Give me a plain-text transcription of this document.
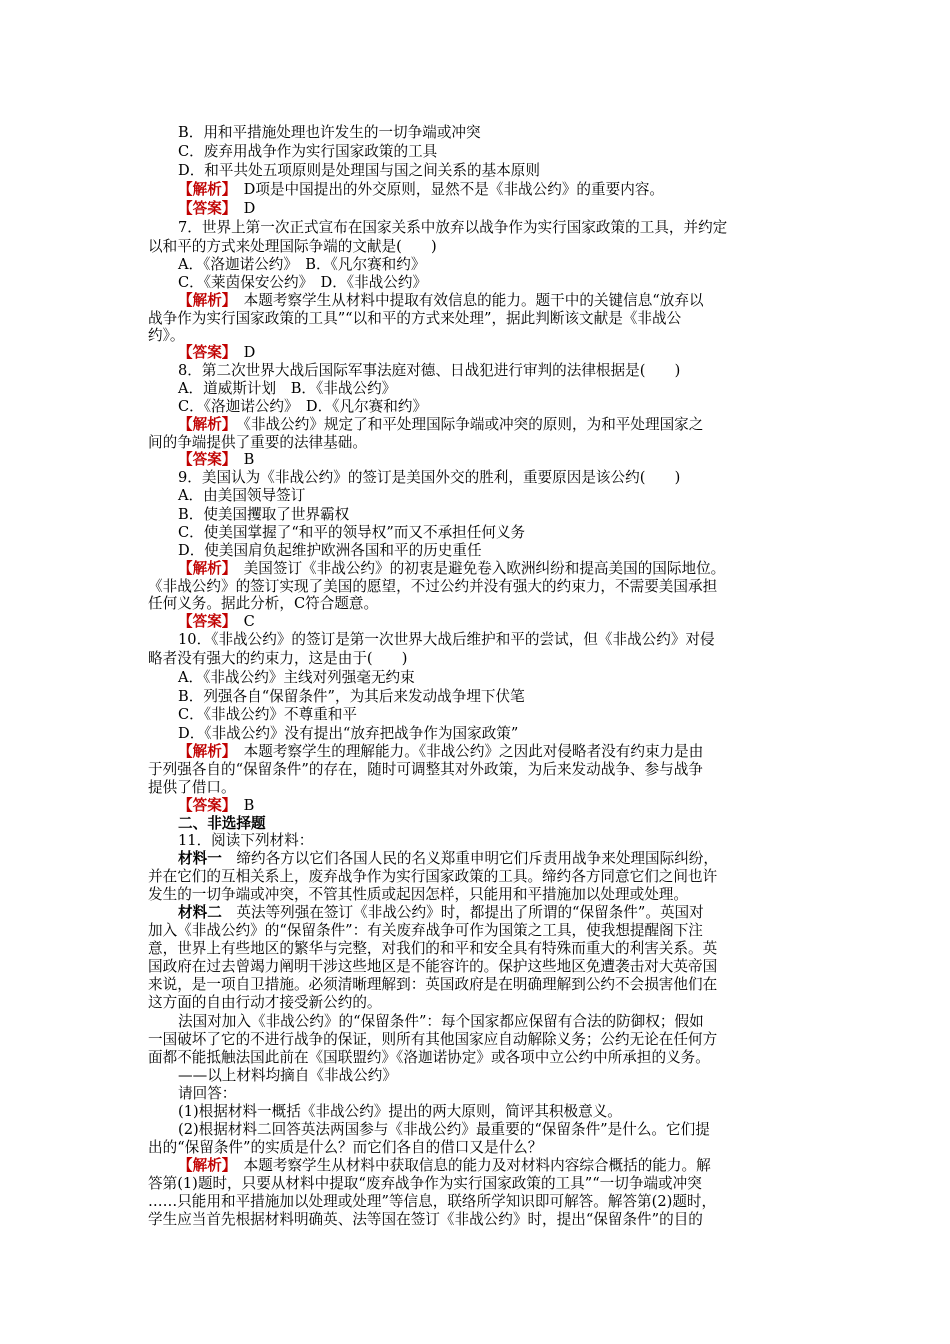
B．用和平措施处理也许发生的一切争端或冲突
C．废弃用战争作为实行国家政策的工具
D．和平共处五项原则是处理国与国之间关系的基本原则
【解析】　D项是中国提出的外交原则，显然不是《非战公约》的重要内容。
【答案】　D
7．世界上第一次正式宣布在国家关系中放弃以战争作为实行国家政策的工具，并约定
以和平的方式来处理国际争端的文献是(　　)
A．《洛迦诺公约》　B．《凡尔赛和约》
C．《莱茵保安公约》　D．《非战公约》
【解析】　本题考察学生从材料中提取有效信息的能力。题干中的关键信息“放弃以
战争作为实行国家政策的工具”“以和平的方式来处理”，据此判断该文献是《非战公
约》。
【答案】　D
8．第二次世界大战后国际军事法庭对德、日战犯进行审判的法律根据是(　　)
A．道威斯计划　B．《非战公约》
C．《洛迦诺公约》　D．《凡尔赛和约》
【解析】　《非战公约》规定了和平处理国际争端或冲突的原则，为和平处理国家之
间的争端提供了重要的法律基础。
【答案】　B
9．美国认为《非战公约》的签订是美国外交的胜利，重要原因是该公约(　　)
A．由美国领导签订
B．使美国攫取了世界霸权
C．使美国掌握了“和平的领导权”而又不承担任何义务
D．使美国肩负起维护欧洲各国和平的历史重任
【解析】　美国签订《非战公约》的初衷是避免卷入欧洲纠纷和提高美国的国际地位。
《非战公约》的签订实现了美国的愿望，不过公约并没有强大的约束力，不需要美国承担
任何义务。据此分析，C符合题意。
【答案】　C
10．《非战公约》的签订是第一次世界大战后维护和平的尝试，但《非战公约》对侵
略者没有强大的约束力，这是由于(　　)
A．《非战公约》主线对列强毫无约束
B．列强各自“保留条件”，为其后来发动战争埋下伏笔
C．《非战公约》不尊重和平
D．《非战公约》没有提出“放弃把战争作为国家政策”
【解析】　本题考察学生的理解能力。《非战公约》之因此对侵略者没有约束力是由
于列强各自的“保留条件”的存在，随时可调整其对外政策，为后来发动战争、参与战争
提供了借口。
【答案】　B
二、非选择题
11．阅读下列材料：
材料一　缔约各方以它们各国人民的名义郑重申明它们斥责用战争来处理国际纠纷，
并在它们的互相关系上，废弃战争作为实行国家政策的工具。缔约各方同意它们之间也许
发生的一切争端或冲突，不管其性质或起因怎样，只能用和平措施加以处理或处理。
材料二　英法等列强在签订《非战公约》时，都提出了所谓的“保留条件”。英国对
加入《非战公约》的“保留条件”：有关废弃战争可作为国策之工具，使我想提醒阁下注
意，世界上有些地区的繁华与完整，对我们的和平和安全具有特殊而重大的利害关系。英
国政府在过去曾竭力阐明干涉这些地区是不能容许的。保护这些地区免遭袭击对大英帝国
来说，是一项自卫措施。必须清晰理解到：英国政府是在明确理解到公约不会损害他们在
这方面的自由行动才接受新公约的。
法国对加入《非战公约》的“保留条件”：每个国家都应保留有合法的防御权；假如
一国破坏了它的不进行战争的保证，则所有其他国家应自动解除义务；公约无论在任何方
面都不能抵触法国此前在《国联盟约》《洛迦诺协定》或各项中立公约中所承担的义务。
——以上材料均摘自《非战公约》
请回答：
(1)根据材料一概括《非战公约》提出的两大原则，简评其积极意义。
(2)根据材料二回答英法两国参与《非战公约》最重要的“保留条件”是什么。它们提
出的“保留条件”的实质是什么？而它们各自的借口又是什么？
【解析】　本题考察学生从材料中获取信息的能力及对材料内容综合概括的能力。解
答第(1)题时，只要从材料中提取“废弃战争作为实行国家政策的工具”“一切争端或冲突
……只能用和平措施加以处理或处理”等信息，联络所学知识即可解答。解答第(2)题时，
学生应当首先根据材料明确英、法等国在签订《非战公约》时，提出“保留条件”的目的
